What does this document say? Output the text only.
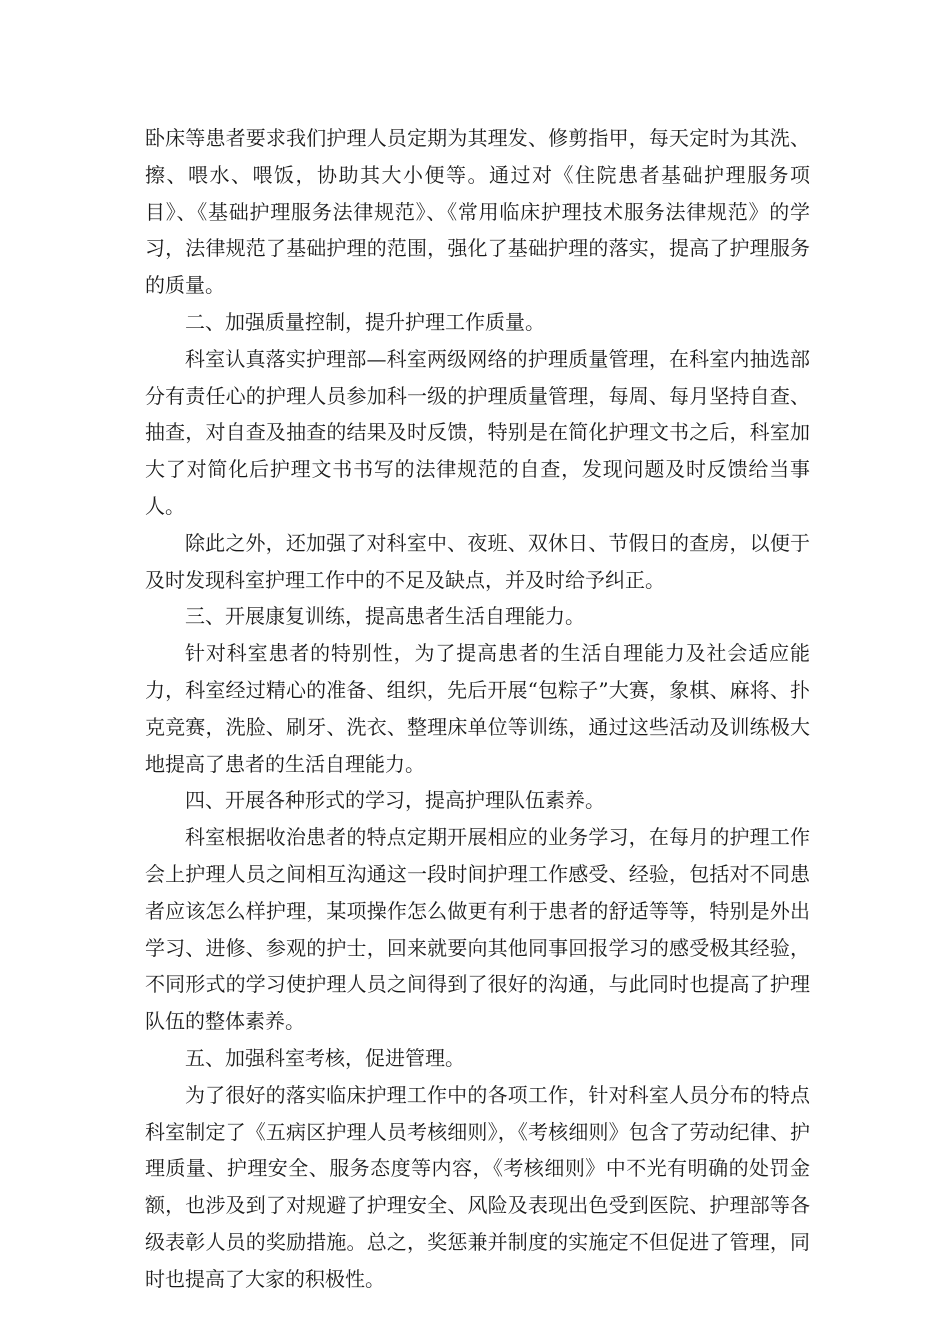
卧床等患者要求我们护理人员定期为其理发、修剪指甲，每天定时为其洗、擦、喂水、喂饭，协助其大小便等。通过对《住院患者基础护理服务项目》、《基础护理服务法律规范》、《常用临床护理技术服务法律规范》的学习，法律规范了基础护理的范围，强化了基础护理的落实，提高了护理服务的质量。

二、加强质量控制，提升护理工作质量。

科室认真落实护理部—科室两级网络的护理质量管理，在科室内抽选部分有责任心的护理人员参加科一级的护理质量管理，每周、每月坚持自查、抽查，对自查及抽查的结果及时反馈，特别是在简化护理文书之后，科室加大了对简化后护理文书书写的法律规范的自查，发现问题及时反馈给当事人。

除此之外，还加强了对科室中、夜班、双休日、节假日的查房，以便于及时发现科室护理工作中的不足及缺点，并及时给予纠正。

三、开展康复训练，提高患者生活自理能力。

针对科室患者的特别性，为了提高患者的生活自理能力及社会适应能力，科室经过精心的准备、组织，先后开展“包粽子”大赛，象棋、麻将、扑克竞赛，洗脸、刷牙、洗衣、整理床单位等训练，通过这些活动及训练极大地提高了患者的生活自理能力。

四、开展各种形式的学习，提高护理队伍素养。

科室根据收治患者的特点定期开展相应的业务学习，在每月的护理工作会上护理人员之间相互沟通这一段时间护理工作感受、经验，包括对不同患者应该怎么样护理，某项操作怎么做更有利于患者的舒适等等，特别是外出学习、进修、参观的护士，回来就要向其他同事回报学习的感受极其经验，不同形式的学习使护理人员之间得到了很好的沟通，与此同时也提高了护理队伍的整体素养。

五、加强科室考核，促进管理。

为了很好的落实临床护理工作中的各项工作，针对科室人员分布的特点科室制定了《五病区护理人员考核细则》，《考核细则》包含了劳动纪律、护理质量、护理安全、服务态度等内容，《考核细则》中不光有明确的处罚金额，也涉及到了对规避了护理安全、风险及表现出色受到医院、护理部等各级表彰人员的奖励措施。总之，奖惩兼并制度的实施定不但促进了管理，同时也提高了大家的积极性。
